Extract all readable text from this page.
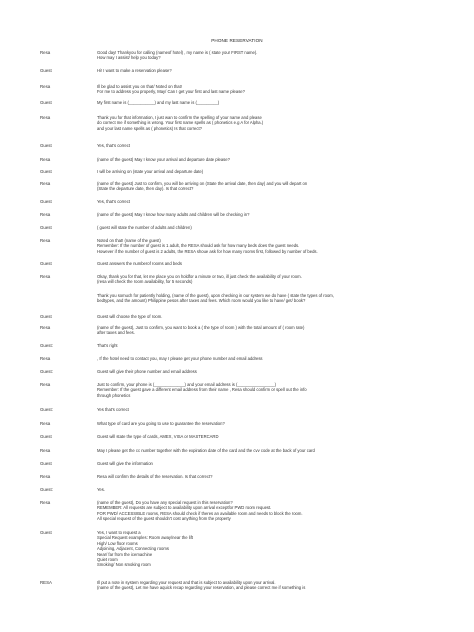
PHONE RESERVATION
Resa	Good day! Thankyou for calling (nameof hotel) , my name is ( state your FIRST name).
How may I assist/ help you today?
Guest	Hi! I want to make a reservation please?
Resa	Ill be glad to assist you on that/ Noted on that!
For me to address you properly, May/ Can I get your first and last name please?
Guest	My first name is (___________) and my last name is (_________)
Resa	Thank you for that information, I just wan to confirm the spelling of your name and please
do correct me if something is wrong. Your first name spells as ( phonetics e.g A for Alpha.)
and your last name spells as ( phonetics) Is that correct?
Guest	Yes, that's correct
Resa	(name of the guest) May I know your arrival and departure date please?
Guest	I will be arriving on (state your arrival and departure date)
Resa	(name of the guest) Just to confirm, you will be arriving on (State the arrival date, then day) and you will depart on
(State the departure date, then day). Is that correct?
Guest	Yes, that's correct
Resa	(name of the guest) May I know how many adults and children will be checking in?
Guest	( guest will state the number of adults and children)
Resa	Noted on that! (name of the guest)
Remember: If the number of guest is 1 adult, the RESA should ask for how many beds does the guest needs.
However if the number of guest is 2 adults, the RESA shoue ask for how many rooms first, followed by number of beds.
Guest	Guest answers the numberof rooms and beds
Resa	Okay, thank you for that, let me place you on holdfor a minute or two, ill just check the availability of your room.
(resa will check the room availability, for 5 seconds)
Thank you somuch for patiently holding, (name of the guest), upon checking in our system we do have ( state the types of room,
bedtypes, and the amount) Philippine pesos after taxes and fees. Which room would you like to have/ get/ book?
Guest	Guest will choose the type of room.
Resa	(name of the guest), Just to confirm, you want to book a ( the type of room ) with the total amount of ( room rate)
after taxes and fees.
Guest:	That's right
Resa	, If the hotel need to contact you, may I please get your phone number and email address
Guest:	Guest will give their phone number and email address
Resa	Just to confirm, your phone is (_____________) and your email address is (________________)
Remember: If the guest gave a different email address from their name , Resa should confirm or spell out the info
through phonetics
Guest:	Yes that's correct
Resa	What type of card are you going to use to guarantee the reservation?
Guest	Guest will state the type of cards, AMEX, VISA or MASTERCARD
Resa	May I please get the cc number together with the expiration date of the card and the cvv code at the back of your card
Guest	Guest will give the information
Resa	Resa will confirm the details of the reservation. Is that correct?
Guest:	Yes.
Resa	(name of the guest), Do you have any special request in this reservation?
REMEMBER: All requests are subject to availability upon arrival exceptfor PWD room request.
FOR PWD/ ACCESSIBLE rooms, RESA should check if theres an available room and needs to block the room.
All special request of the guest shouldn't cost anything from the property
Guest	Yes, I want to request a
Special Request examples: Room away/near the lift
High/ Low floor rooms
Adjoining, Adjacent, Connecting rooms
Near/ far from the icemachine
Quiet room
Smoking/ Non smoking room
RESA	Ill put a note in system regarding your request and that is subject to availability upon your arrival.
(name of the guest), Let me have aquick recap regarding your reservation, and please correct me if something is
